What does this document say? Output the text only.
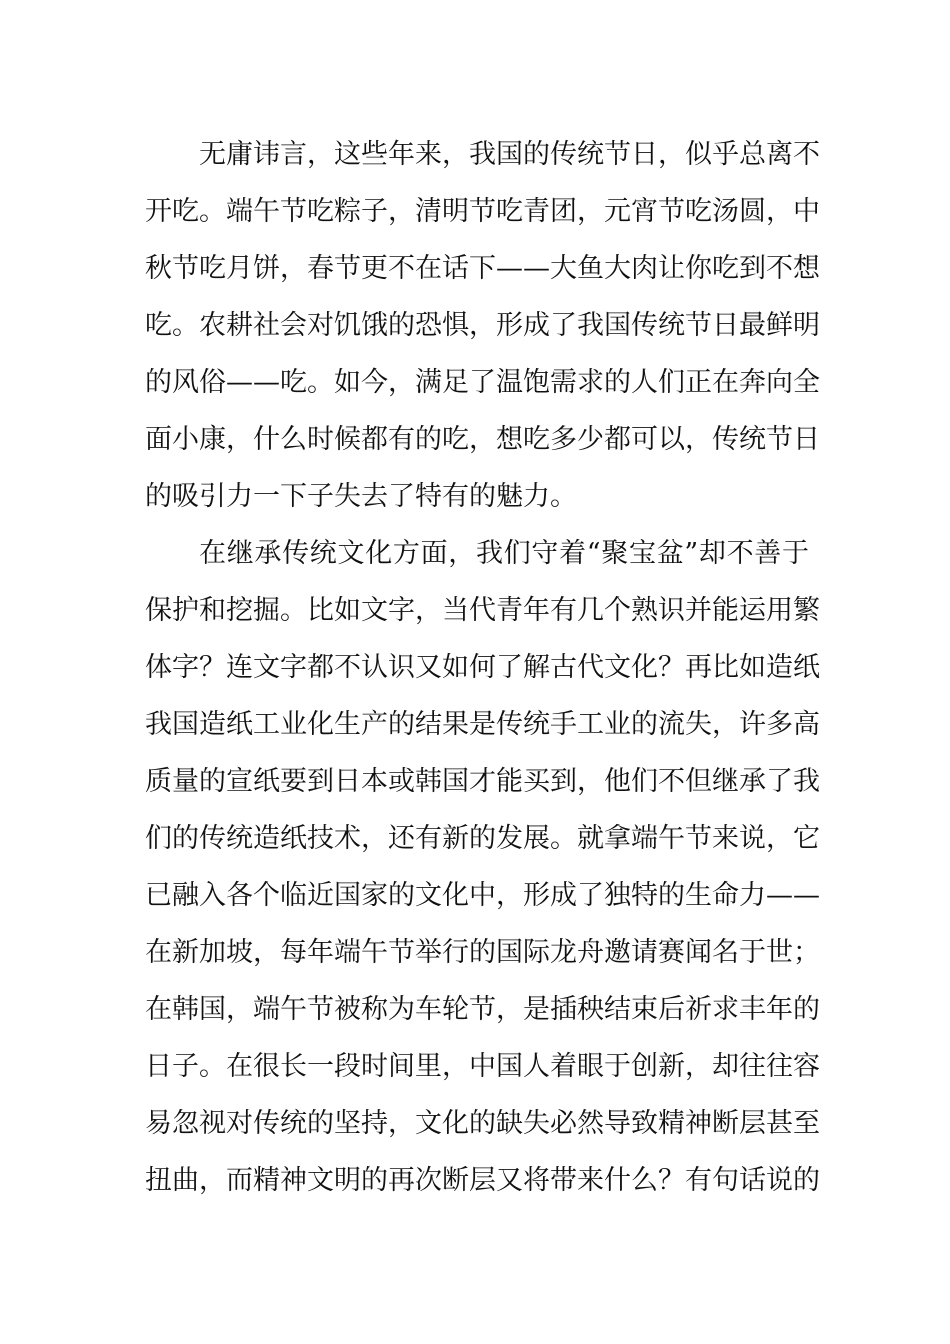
无庸讳言，这些年来，我国的传统节日，似乎总离不
开吃。端午节吃粽子，清明节吃青团，元宵节吃汤圆，中
秋节吃月饼，春节更不在话下——大鱼大肉让你吃到不想
吃。农耕社会对饥饿的恐惧，形成了我国传统节日最鲜明
的风俗——吃。如今，满足了温饱需求的人们正在奔向全
面小康，什么时候都有的吃，想吃多少都可以，传统节日
的吸引力一下子失去了特有的魅力。
在继承传统文化方面，我们守着“聚宝盆”却不善于
保护和挖掘。比如文字，当代青年有几个熟识并能运用繁
体字？连文字都不认识又如何了解古代文化？再比如造纸
我国造纸工业化生产的结果是传统手工业的流失，许多高
质量的宣纸要到日本或韩国才能买到，他们不但继承了我
们的传统造纸技术，还有新的发展。就拿端午节来说，它
已融入各个临近国家的文化中，形成了独特的生命力——
在新加坡，每年端午节举行的国际龙舟邀请赛闻名于世；
在韩国，端午节被称为车轮节，是插秧结束后祈求丰年的
日子。在很长一段时间里，中国人着眼于创新，却往往容
易忽视对传统的坚持，文化的缺失必然导致精神断层甚至
扭曲，而精神文明的再次断层又将带来什么？有句话说的
